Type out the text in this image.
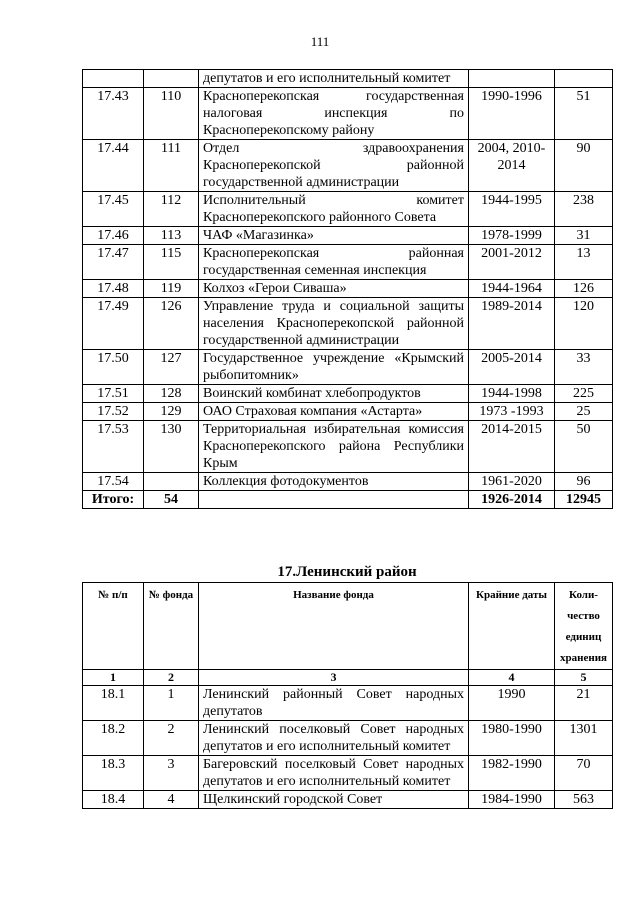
111
		депутатов и его исполнительный комитет		
17.43	110	Красноперекопская государственная налоговая инспекция по Красноперекопскому району	1990-1996	51
17.44	111	Отдел здравоохранения Красноперекопской районной государственной администрации	2004, 2010-2014	90
17.45	112	Исполнительный комитет Красноперекопского районного Совета	1944-1995	238
17.46	113	ЧАФ «Магазинка»	1978-1999	31
17.47	115	Красноперекопская районная государственная семенная инспекция	2001-2012	13
17.48	119	Колхоз «Герои Сиваша»	1944-1964	126
17.49	126	Управление труда и социальной защиты населения Красноперекопской районной государственной администрации	1989-2014	120
17.50	127	Государственное учреждение «Крымский рыбопитомник»	2005-2014	33
17.51	128	Воинский комбинат хлебопродуктов	1944-1998	225
17.52	129	ОАО Страховая компания «Астарта»	1973 -1993	25
17.53	130	Территориальная избирательная комиссия Красноперекопского района Республики Крым	2014-2015	50
17.54		Коллекция фотодокументов	1961-2020	96
Итого:	54		1926-2014	12945
17.Ленинский район
№ п/п	№ фонда	Название фонда	Крайние даты	Коли-чество единиц хранения
1	2	3	4	5
18.1	1	Ленинский районный Совет народных депутатов	1990	21
18.2	2	Ленинский поселковый Совет народных депутатов и его исполнительный комитет	1980-1990	1301
18.3	3	Багеровский поселковый Совет народных депутатов и его исполнительный комитет	1982-1990	70
18.4	4	Щелкинский городской Совет	1984-1990	563
